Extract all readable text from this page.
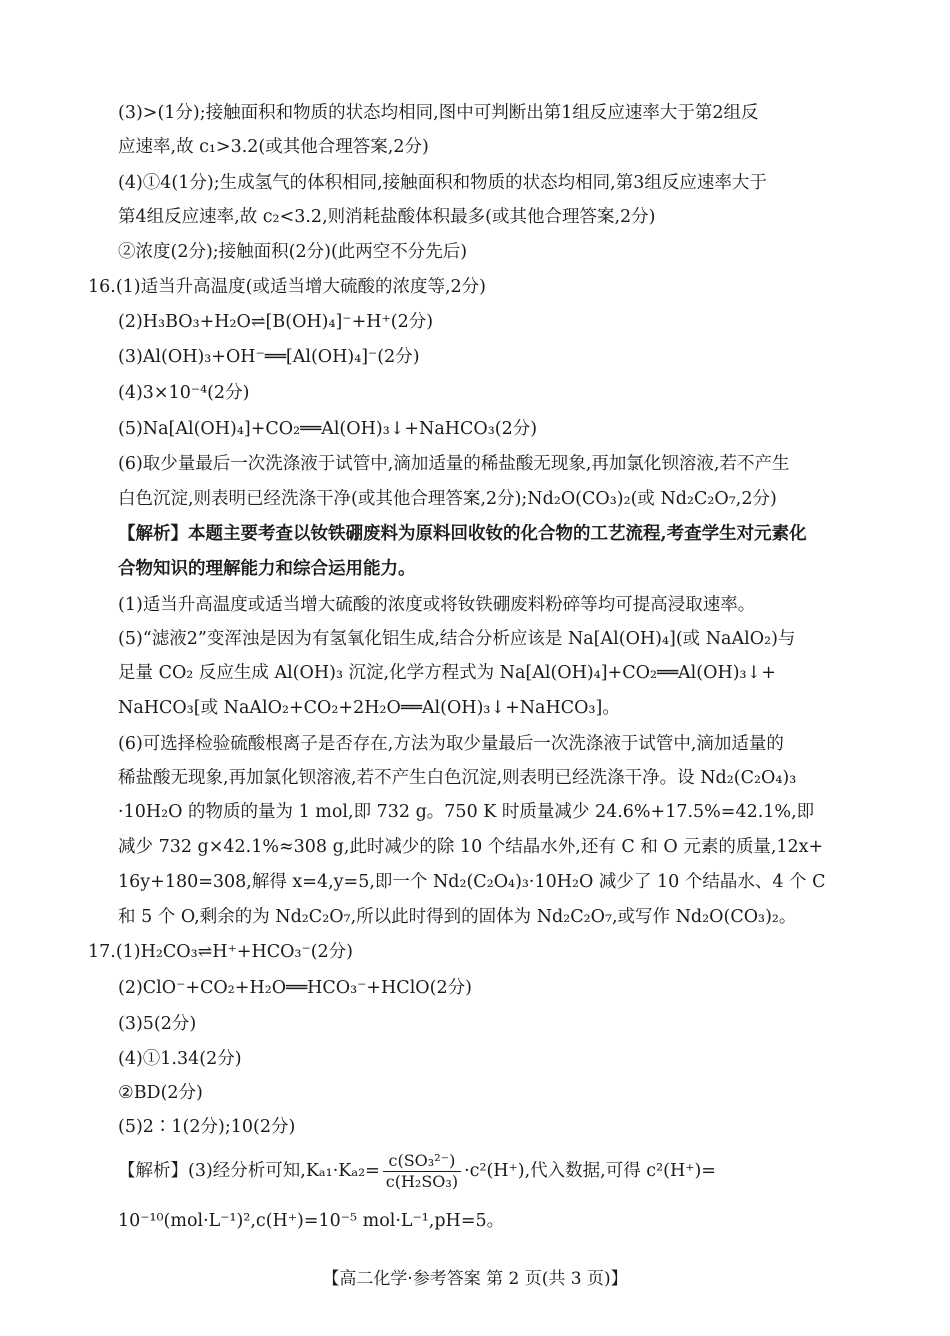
(3)>(1分);接触面积和物质的状态均相同,图中可判断出第1组反应速率大于第2组反
应速率,故 c₁>3.2(或其他合理答案,2分)
(4)①4(1分);生成氢气的体积相同,接触面积和物质的状态均相同,第3组反应速率大于
第4组反应速率,故 c₂<3.2,则消耗盐酸体积最多(或其他合理答案,2分)
②浓度(2分);接触面积(2分)(此两空不分先后)
16.(1)适当升高温度(或适当增大硫酸的浓度等,2分)
(2)H₃BO₃+H₂O⇌[B(OH)₄]⁻+H⁺(2分)
(3)Al(OH)₃+OH⁻══[Al(OH)₄]⁻(2分)
(4)3×10⁻⁴(2分)
(5)Na[Al(OH)₄]+CO₂══Al(OH)₃↓+NaHCO₃(2分)
(6)取少量最后一次洗涤液于试管中,滴加适量的稀盐酸无现象,再加氯化钡溶液,若不产生
白色沉淀,则表明已经洗涤干净(或其他合理答案,2分);Nd₂O(CO₃)₂(或 Nd₂C₂O₇,2分)
【解析】本题主要考查以钕铁硼废料为原料回收钕的化合物的工艺流程,考查学生对元素化
合物知识的理解能力和综合运用能力。
(1)适当升高温度或适当增大硫酸的浓度或将钕铁硼废料粉碎等均可提高浸取速率。
(5)“滤液2”变浑浊是因为有氢氧化铝生成,结合分析应该是 Na[Al(OH)₄](或 NaAlO₂)与
足量 CO₂ 反应生成 Al(OH)₃ 沉淀,化学方程式为 Na[Al(OH)₄]+CO₂══Al(OH)₃↓+
NaHCO₃[或 NaAlO₂+CO₂+2H₂O══Al(OH)₃↓+NaHCO₃]。
(6)可选择检验硫酸根离子是否存在,方法为取少量最后一次洗涤液于试管中,滴加适量的
稀盐酸无现象,再加氯化钡溶液,若不产生白色沉淀,则表明已经洗涤干净。设 Nd₂(C₂O₄)₃
·10H₂O 的物质的量为 1 mol,即 732 g。750 K 时质量减少 24.6%+17.5%=42.1%,即
减少 732 g×42.1%≈308 g,此时减少的除 10 个结晶水外,还有 C 和 O 元素的质量,12x+
16y+180=308,解得 x=4,y=5,即一个 Nd₂(C₂O₄)₃·10H₂O 减少了 10 个结晶水、4 个 C
和 5 个 O,剩余的为 Nd₂C₂O₇,所以此时得到的固体为 Nd₂C₂O₇,或写作 Nd₂O(CO₃)₂。
17.(1)H₂CO₃⇌H⁺+HCO₃⁻(2分)
(2)ClO⁻+CO₂+H₂O══HCO₃⁻+HClO(2分)
(3)5(2分)
(4)①1.34(2分)
②BD(2分)
(5)2∶1(2分);10(2分)
【解析】(3)经分析可知$,K_{a1}\cdot K_{a2}= \frac{\text{c(SO₃²⁻)}}{\text{c(H₂SO₃)}} \cdot c^2(H^+)$,代入数据,可得 c²(H⁺)=
10⁻¹⁰(mol·L⁻¹)²,c(H⁺)=10⁻⁵ mol·L⁻¹,pH=5。
【高二化学·参考答案 第 2 页(共 3 页)】
